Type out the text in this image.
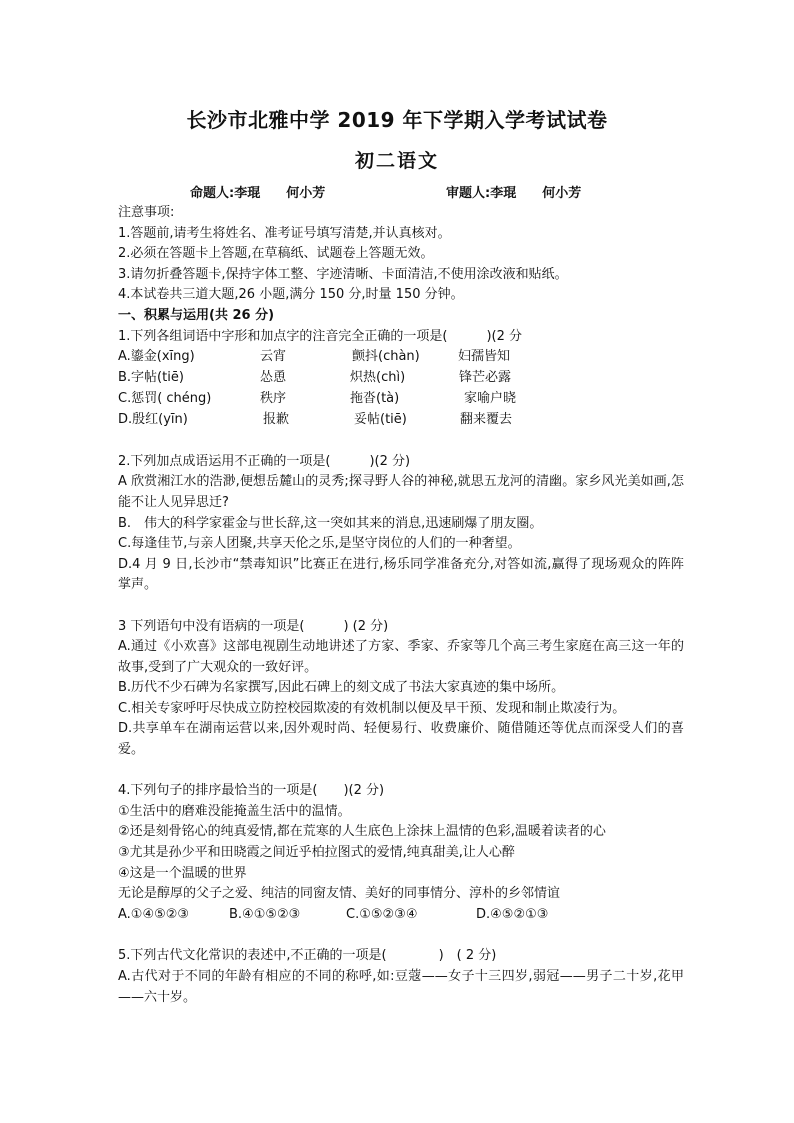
长沙市北雅中学 2019 年下学期入学考试试卷
初二语文
命题人:李琨　　何小芳	审题人:李琨　　何小芳
注意事项:
1.答题前,请考生将姓名、准考证号填写清楚,并认真核对。
2.必须在答题卡上答题,在草稿纸、试题卷上答题无效。
3.请勿折叠答题卡,保持字体工整、字迹清晰、卡面清洁,不使用涂改液和贴纸。
4.本试卷共三道大题,26 小题,满分 150 分,时量 150 分钟。
一、积累与运用(共 26 分)
1.下列各组词语中字形和加点字的注音完全正确的一项是(　　　)(2 分
A.鎏金(xīng)	云宵	颤抖(chàn)	妇孺皆知
B.字帖(tiē)	怂恿	炽热(chì)	锋芒必露
C.惩罚( chéng)	秩序	拖沓(tà)	家喻户晓
D.殷红(yīn)	报歉	妥帖(tiē)	翻来覆去
2.下列加点成语运用不正确的一项是(　　　)(2 分)
A 欣赏湘江水的浩渺,便想岳麓山的灵秀;探寻野人谷的神秘,就思五龙河的清幽。家乡风光美如画,怎能不让人见异思迁?
B.　伟大的科学家霍金与世长辞,这一突如其来的消息,迅速刷爆了朋友圈。
C.每逢佳节,与亲人团聚,共享天伦之乐,是坚守岗位的人们的一种奢望。
D.4 月 9 日,长沙市“禁毒知识”比赛正在进行,杨乐同学准备充分,对答如流,赢得了现场观众的阵阵掌声。
3 下列语句中没有语病的一项是(　　　) (2 分)
A.通过《小欢喜》这部电视剧生动地讲述了方家、季家、乔家等几个高三考生家庭在高三这一年的故事,受到了广大观众的一致好评。
B.历代不少石碑为名家撰写,因此石碑上的刻文成了书法大家真迹的集中场所。
C.相关专家呼吁尽快成立防控校园欺凌的有效机制以便及早干预、发现和制止欺凌行为。
D.共享单车在湖南运营以来,因外观时尚、轻便易行、收费廉价、随借随还等优点而深受人们的喜爱。
4.下列句子的排序最恰当的一项是(　　)(2 分)
①生活中的磨难没能掩盖生活中的温情。
②还是刻骨铭心的纯真爱情,都在荒寒的人生底色上涂抹上温情的色彩,温暖着读者的心
③尤其是孙少平和田晓霞之间近乎柏拉图式的爱情,纯真甜美,让人心醉
④这是一个温暖的世界
无论是醇厚的父子之爱、纯洁的同窗友情、美好的同事情分、淳朴的乡邻情谊
A.①④⑤②③	B.④①⑤②③	C.①⑤②③④	D.④⑤②①③
5.下列古代文化常识的表述中,不正确的一项是(　　　　)　( 2 分)
A.古代对于不同的年龄有相应的不同的称呼,如:豆蔻——女子十三四岁,弱冠——男子二十岁,花甲——六十岁。
